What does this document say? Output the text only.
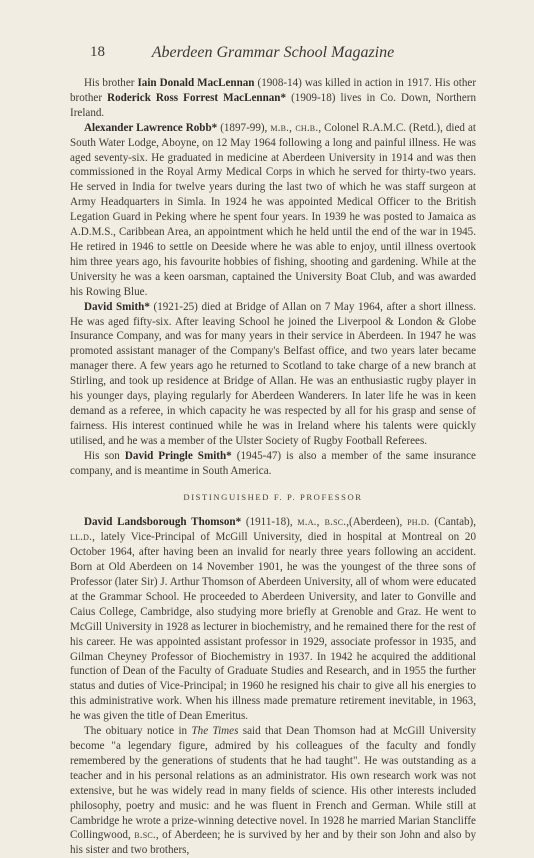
18	Aberdeen Grammar School Magazine

His brother Iain Donald MacLennan (1908-14) was killed in action in 1917. His other brother Roderick Ross Forrest MacLennan* (1909-18) lives in Co. Down, Northern Ireland.

Alexander Lawrence Robb* (1897-99), m.b., ch.b., Colonel R.A.M.C. (Retd.), died at South Water Lodge, Aboyne, on 12 May 1964 following a long and painful illness. He was aged seventy-six. He graduated in medicine at Aberdeen University in 1914 and was then commissioned in the Royal Army Medical Corps in which he served for thirty-two years. He served in India for twelve years during the last two of which he was staff surgeon at Army Headquarters in Simla. In 1924 he was appointed Medical Officer to the British Legation Guard in Peking where he spent four years. In 1939 he was posted to Jamaica as A.D.M.S., Caribbean Area, an appointment which he held until the end of the war in 1945. He retired in 1946 to settle on Deeside where he was able to enjoy, until illness overtook him three years ago, his favourite hobbies of fishing, shooting and gardening. While at the University he was a keen oarsman, captained the University Boat Club, and was awarded his Rowing Blue.

David Smith* (1921-25) died at Bridge of Allan on 7 May 1964, after a short illness. He was aged fifty-six. After leaving School he joined the Liverpool & London & Globe Insurance Company, and was for many years in their service in Aberdeen. In 1947 he was promoted assistant manager of the Company's Belfast office, and two years later became manager there. A few years ago he returned to Scotland to take charge of a new branch at Stirling, and took up residence at Bridge of Allan. He was an enthusiastic rugby player in his younger days, playing regularly for Aberdeen Wanderers. In later life he was in keen demand as a referee, in which capacity he was respected by all for his grasp and sense of fairness. His interest continued while he was in Ireland where his talents were quickly utilised, and he was a member of the Ulster Society of Rugby Football Referees.

His son David Pringle Smith* (1945-47) is also a member of the same insurance company, and is meantime in South America.

DISTINGUISHED F. P. PROFESSOR

David Landsborough Thomson* (1911-18), m.a., b.sc.,(Aberdeen), ph.d. (Cantab), ll.d., lately Vice-Principal of McGill University, died in hospital at Montreal on 20 October 1964, after having been an invalid for nearly three years following an accident. Born at Old Aberdeen on 14 November 1901, he was the youngest of the three sons of Professor (later Sir) J. Arthur Thomson of Aberdeen University, all of whom were educated at the Grammar School. He proceeded to Aberdeen University, and later to Gonville and Caius College, Cambridge, also studying more briefly at Grenoble and Graz. He went to McGill University in 1928 as lecturer in biochemistry, and he remained there for the rest of his career. He was appointed assistant professor in 1929, associate professor in 1935, and Gilman Cheyney Professor of Biochemistry in 1937. In 1942 he acquired the additional function of Dean of the Faculty of Graduate Studies and Research, and in 1955 the further status and duties of Vice-Principal; in 1960 he resigned his chair to give all his energies to this administrative work. When his illness made premature retirement inevitable, in 1963, he was given the title of Dean Emeritus.

The obituary notice in The Times said that Dean Thomson had at McGill University become "a legendary figure, admired by his colleagues of the faculty and fondly remembered by the generations of students that he had taught". He was outstanding as a teacher and in his personal relations as an administrator. His own research work was not extensive, but he was widely read in many fields of science. His other interests included philosophy, poetry and music: and he was fluent in French and German. While still at Cambridge he wrote a prize-winning detective novel. In 1928 he married Marian Stancliffe Collingwood, b.sc., of Aberdeen; he is survived by her and by their son John and also by his sister and two brothers,
